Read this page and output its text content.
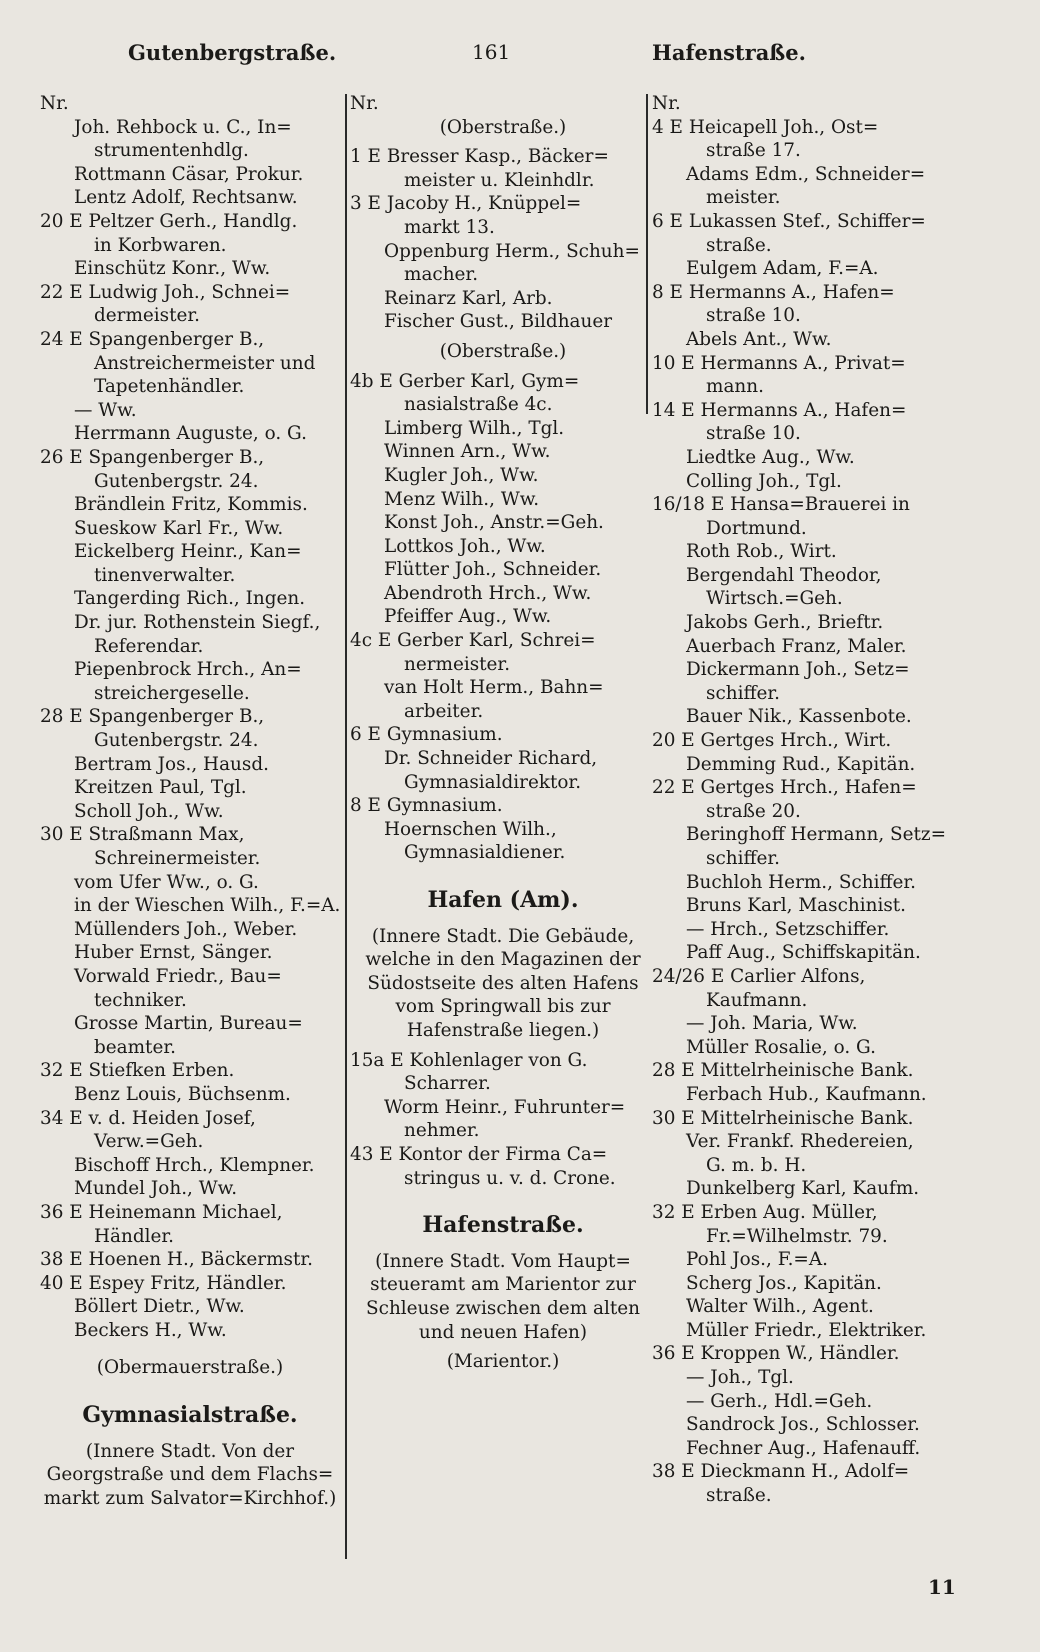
Gutenbergstraße.	161	Hafenstraße.
Nr.
Joh. Rehbock u. C., In=
strumentenhdlg.
Rottmann Cäsar, Prokur.
Lentz Adolf, Rechtsanw.
20 E Peltzer Gerh., Handlg.
in Korbwaren.
Einschütz Konr., Ww.
22 E Ludwig Joh., Schnei=
dermeister.
24 E Spangenberger B.,
Anstreichermeister und
Tapetenhändler.
— Ww.
Herrmann Auguste, o. G.
26 E Spangenberger B.,
Gutenbergstr. 24.
Brändlein Fritz, Kommis.
Sueskow Karl Fr., Ww.
Eickelberg Heinr., Kan=
tinenverwalter.
Tangerding Rich., Ingen.
Dr. jur. Rothenstein Siegf.,
Referendar.
Piepenbrock Hrch., An=
streichergeselle.
28 E Spangenberger B.,
Gutenbergstr. 24.
Bertram Jos., Hausd.
Kreitzen Paul, Tgl.
Scholl Joh., Ww.
30 E Straßmann Max,
Schreinermeister.
vom Ufer Ww., o. G.
in der Wieschen Wilh., F.=A.
Müllenders Joh., Weber.
Huber Ernst, Sänger.
Vorwald Friedr., Bau=
techniker.
Grosse Martin, Bureau=
beamter.
32 E Stiefken Erben.
Benz Louis, Büchsenm.
34 E v. d. Heiden Josef,
Verw.=Geh.
Bischoff Hrch., Klempner.
Mundel Joh., Ww.
36 E Heinemann Michael,
Händler.
38 E Hoenen H., Bäckermstr.
40 E Espey Fritz, Händler.
Böllert Dietr., Ww.
Beckers H., Ww.
(Obermauerstraße.)
Gymnasialstraße.
(Innere Stadt. Von der
Georgstraße und dem Flachs=
markt zum Salvator=Kirchhof.)
Nr.
(Oberstraße.)
1 E Bresser Kasp., Bäcker=
meister u. Kleinhdlr.
3 E Jacoby H., Knüppel=
markt 13.
Oppenburg Herm., Schuh=
macher.
Reinarz Karl, Arb.
Fischer Gust., Bildhauer
(Oberstraße.)
4b E Gerber Karl, Gym=
nasialstraße 4c.
Limberg Wilh., Tgl.
Winnen Arn., Ww.
Kugler Joh., Ww.
Menz Wilh., Ww.
Konst Joh., Anstr.=Geh.
Lottkos Joh., Ww.
Flütter Joh., Schneider.
Abendroth Hrch., Ww.
Pfeiffer Aug., Ww.
4c E Gerber Karl, Schrei=
nermeister.
van Holt Herm., Bahn=
arbeiter.
6 E Gymnasium.
Dr. Schneider Richard,
Gymnasialdirektor.
8 E Gymnasium.
Hoernschen Wilh.,
Gymnasialdiener.
Hafen (Am).
(Innere Stadt. Die Gebäude,
welche in den Magazinen der
Südostseite des alten Hafens
vom Springwall bis zur
Hafenstraße liegen.)
15a E Kohlenlager von G.
Scharrer.
Worm Heinr., Fuhrunter=
nehmer.
43 E Kontor der Firma Ca=
stringus u. v. d. Crone.
Hafenstraße.
(Innere Stadt. Vom Haupt=
steueramt am Marientor zur
Schleuse zwischen dem alten
und neuen Hafen)
(Marientor.)
Nr.
4 E Heicapell Joh., Ost=
straße 17.
Adams Edm., Schneider=
meister.
6 E Lukassen Stef., Schiffer=
straße.
Eulgem Adam, F.=A.
8 E Hermanns A., Hafen=
straße 10.
Abels Ant., Ww.
10 E Hermanns A., Privat=
mann.
14 E Hermanns A., Hafen=
straße 10.
Liedtke Aug., Ww.
Colling Joh., Tgl.
16/18 E Hansa=Brauerei in
Dortmund.
Roth Rob., Wirt.
Bergendahl Theodor,
Wirtsch.=Geh.
Jakobs Gerh., Brieftr.
Auerbach Franz, Maler.
Dickermann Joh., Setz=
schiffer.
Bauer Nik., Kassenbote.
20 E Gertges Hrch., Wirt.
Demming Rud., Kapitän.
22 E Gertges Hrch., Hafen=
straße 20.
Beringhoff Hermann, Setz=
schiffer.
Buchloh Herm., Schiffer.
Bruns Karl, Maschinist.
— Hrch., Setzschiffer.
Paff Aug., Schiffskapitän.
24/26 E Carlier Alfons,
Kaufmann.
— Joh. Maria, Ww.
Müller Rosalie, o. G.
28 E Mittelrheinische Bank.
Ferbach Hub., Kaufmann.
30 E Mittelrheinische Bank.
Ver. Frankf. Rhedereien,
G. m. b. H.
Dunkelberg Karl, Kaufm.
32 E Erben Aug. Müller,
Fr.=Wilhelmstr. 79.
Pohl Jos., F.=A.
Scherg Jos., Kapitän.
Walter Wilh., Agent.
Müller Friedr., Elektriker.
36 E Kroppen W., Händler.
— Joh., Tgl.
— Gerh., Hdl.=Geh.
Sandrock Jos., Schlosser.
Fechner Aug., Hafenauff.
38 E Dieckmann H., Adolf=
straße.
11
